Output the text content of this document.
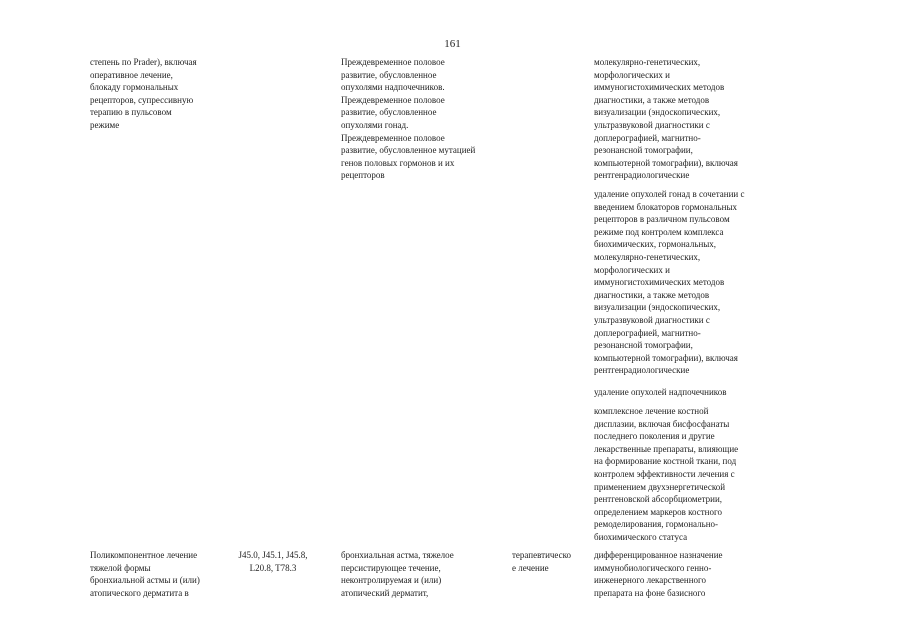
161
степень по Prader), включая
оперативное лечение,
блокаду гормональных
рецепторов, супрессивную
терапию в пульсовом
режиме
Преждевременное половое
развитие, обусловленное
опухолями надпочечников.
Преждевременное половое
развитие, обусловленное
опухолями гонад.
Преждевременное половое
развитие, обусловленное мутацией
генов половых гормонов и их
рецепторов
молекулярно-генетических,
морфологических и
иммуногистохимических методов
диагностики, а также методов
визуализации (эндоскопических,
ультразвуковой диагностики с
доплерографией, магнитно-
резонансной томографии,
компьютерной томографии), включая
рентгенрадиологические
удаление опухолей гонад в сочетании с
введением блокаторов гормональных
рецепторов в различном пульсовом
режиме под контролем комплекса
биохимических, гормональных,
молекулярно-генетических,
морфологических и
иммуногистохимических методов
диагностики, а также методов
визуализации (эндоскопических,
ультразвуковой диагностики с
доплерографией, магнитно-
резонансной томографии,
компьютерной томографии), включая
рентгенрадиологические
удаление опухолей надпочечников
комплексное лечение костной
дисплазии, включая бисфосфанаты
последнего поколения и другие
лекарственные препараты, влияющие
на формирование костной ткани, под
контролем эффективности лечения с
применением двухэнергетической
рентгеновской абсорбциометрии,
определением маркеров костного
ремоделирования, гормонально-
биохимического статуса
Поликомпонентное лечение
тяжелой формы
бронхиальной астмы и (или)
атопического дерматита в
J45.0, J45.1, J45.8,
L20.8, T78.3
бронхиальная астма, тяжелое
персистирующее течение,
неконтролируемая и (или)
атопический дерматит,
терапевтическо
е лечение
дифференцированное назначение
иммунобиологического генно-
инженерного лекарственного
препарата на фоне базисного
